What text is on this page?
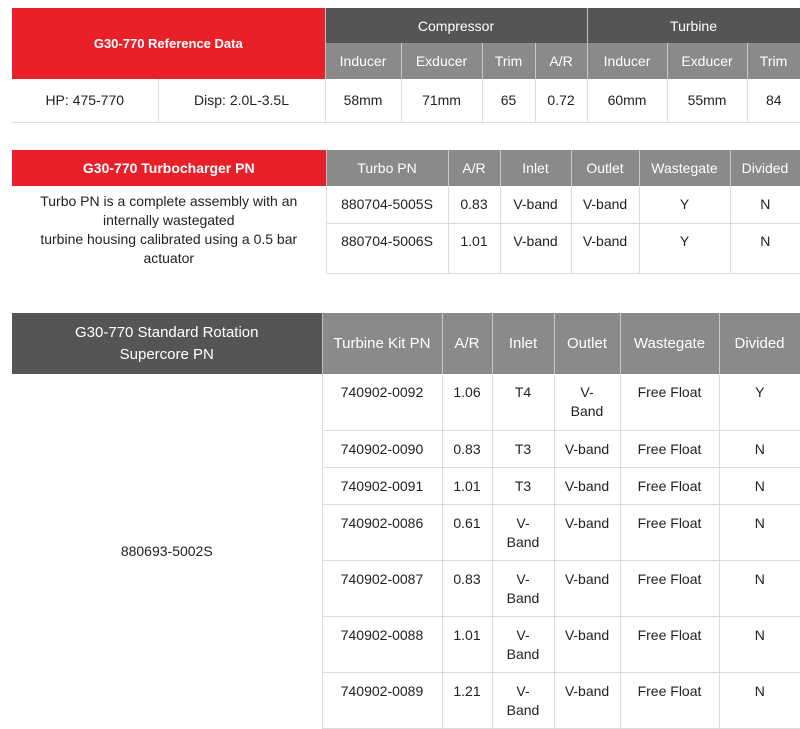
G30-770 Reference Data		Compressor				Turbine		
		Inducer	Exducer	Trim	A/R	Inducer	Exducer	Trim
HP: 475-770	Disp: 2.0L-3.5L	58mm	71mm	65	0.72	60mm	55mm	84
G30-770 Turbocharger PN	Turbo PN	A/R	Inlet	Outlet	Wastegate	Divided

Turbo PN is a complete assembly with an internally wastegated
turbine housing calibrated using a 0.5 bar actuator	880704-5005S	0.83	V-band	V-band	Y	N
	880704-5006S	1.01	V-band	V-band	Y	N
G30-770 Standard Rotation Supercore PN	Turbine Kit PN	A/R	Inlet	Outlet	Wastegate	Divided
880693-5002S	740902-0092	1.06	T4	V-Band	Free Float	Y
	740902-0090	0.83	T3	V-band	Free Float	N
	740902-0091	1.01	T3	V-band	Free Float	N
	740902-0086	0.61	V-Band	V-band	Free Float	N
	740902-0087	0.83	V-Band	V-band	Free Float	N
	740902-0088	1.01	V-Band	V-band	Free Float	N
	740902-0089	1.21	V-Band	V-band	Free Float	N
